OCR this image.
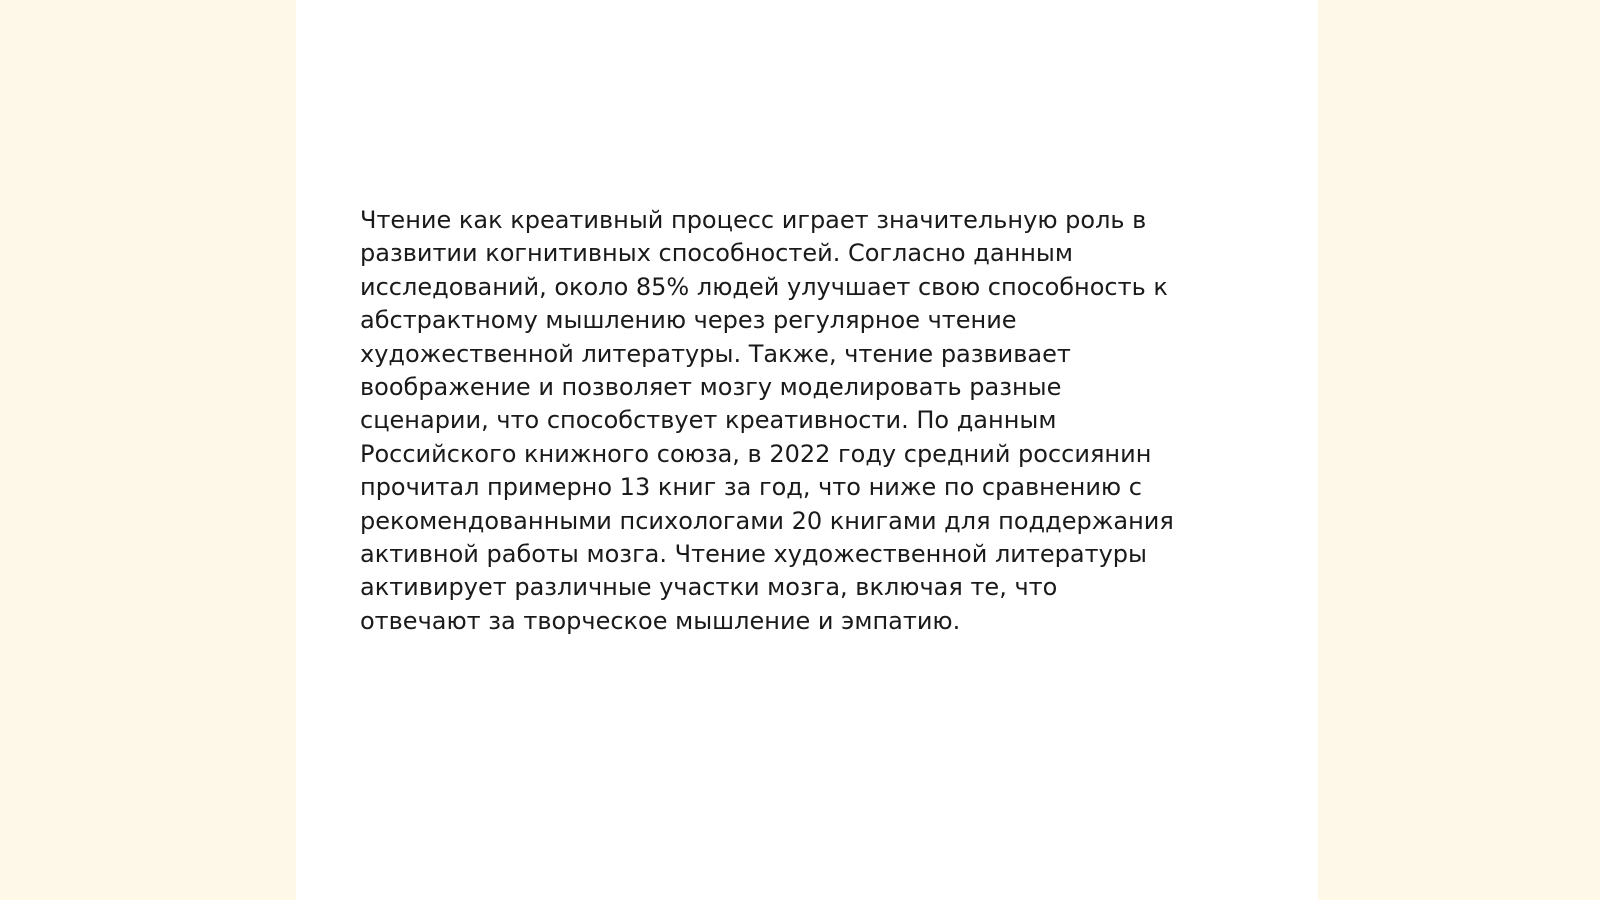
Чтение как креативный процесс играет значительную роль в
развитии когнитивных способностей. Согласно данным
исследований, около 85% людей улучшает свою способность к
абстрактному мышлению через регулярное чтение
художественной литературы. Также, чтение развивает
воображение и позволяет мозгу моделировать разные
сценарии, что способствует креативности. По данным
Российского книжного союза, в 2022 году средний россиянин
прочитал примерно 13 книг за год, что ниже по сравнению с
рекомендованными психологами 20 книгами для поддержания
активной работы мозга. Чтение художественной литературы
активирует различные участки мозга, включая те, что
отвечают за творческое мышление и эмпатию.
